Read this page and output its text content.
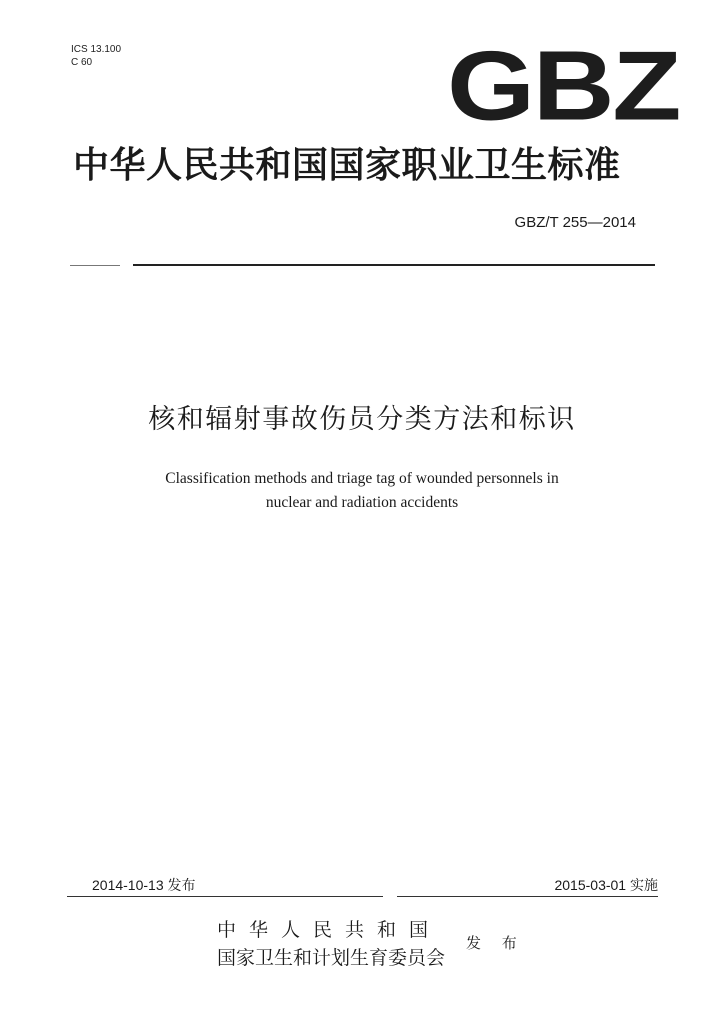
ICS 13.100
C 60	GBZ
中华人民共和国国家职业卫生标准
GBZ/T 255—2014
核和辐射事故伤员分类方法和标识
Classification methods and triage tag of wounded personnels in
nuclear and radiation accidents
2014-10-13 发布	2015-03-01 实施
中华人民共和国
国家卫生和计划生育委员会
发 布
